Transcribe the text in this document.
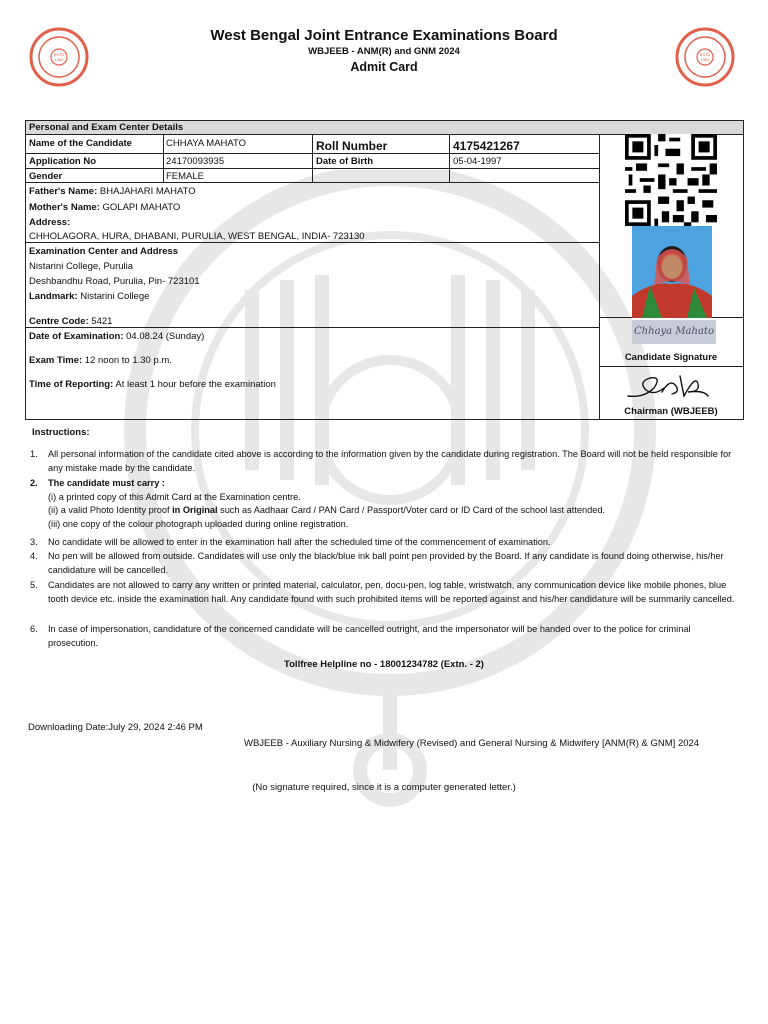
ESTD
1962
ESTD
1962
West Bengal Joint Entrance Examinations Board
WBJEEB - ANM(R) and GNM 2024
Admit Card
Personal and Exam Center Details
Name of the Candidate	CHHAYA MAHATO	Roll Number	4175421267
Application No	24170093935	Date of Birth	05-04-1997
Gender	FEMALE
Father's Name: BHAJAHARI MAHATO
Mother's Name: GOLAPI MAHATO
Address:
CHHOLAGORA, HURA, DHABANI, PURULIA, WEST BENGAL, INDIA- 723130
Examination Center and Address
Nistarini College, Purulia
Deshbandhu Road, Purulia, Pin- 723101
Landmark: Nistarini College
Centre Code: 5421
Date of Examination: 04.08.24 (Sunday)
Exam Time: 12 noon to 1.30 p.m.
Time of Reporting: At least 1 hour before the examination
Chhaya Mahato
Candidate Signature
Chairman (WBJEEB)
Instructions:
1. All personal information of the candidate cited above is according to the information given by the candidate during registration. The Board will not be held responsible for any mistake made by the candidate.
2. The candidate must carry :
(i) a printed copy of this Admit Card at the Examination centre.
(ii) a valid Photo Identity proof in Original such as Aadhaar Card / PAN Card / Passport/Voter card or ID Card of the school last attended.
(iii) one copy of the colour photograph uploaded during online registration.
3. No candidate will be allowed to enter in the examination hall after the scheduled time of the commencement of examination.
4. No pen will be allowed from outside. Candidates will use only the black/blue ink ball point pen provided by the Board. If any candidate is found doing otherwise, his/her candidature will be cancelled.
5. Candidates are not allowed to carry any written or printed material, calculator, pen, docu-pen, log table, wristwatch, any communication device like mobile phones, blue tooth device etc. inside the examination hall. Any candidate found with such prohibited items will be reported against and his/her candidature will be summarily cancelled.
6. In case of impersonation, candidature of the concerned candidate will be cancelled outright, and the impersonator will be handed over to the police for criminal prosecution.
Tollfree Helpline no - 18001234782 (Extn. - 2)
Downloading Date:July 29, 2024 2:46 PM
WBJEEB - Auxiliary Nursing & Midwifery (Revised) and General Nursing & Midwifery [ANM(R) & GNM] 2024
(No signature required, since it is a computer generated letter.)
